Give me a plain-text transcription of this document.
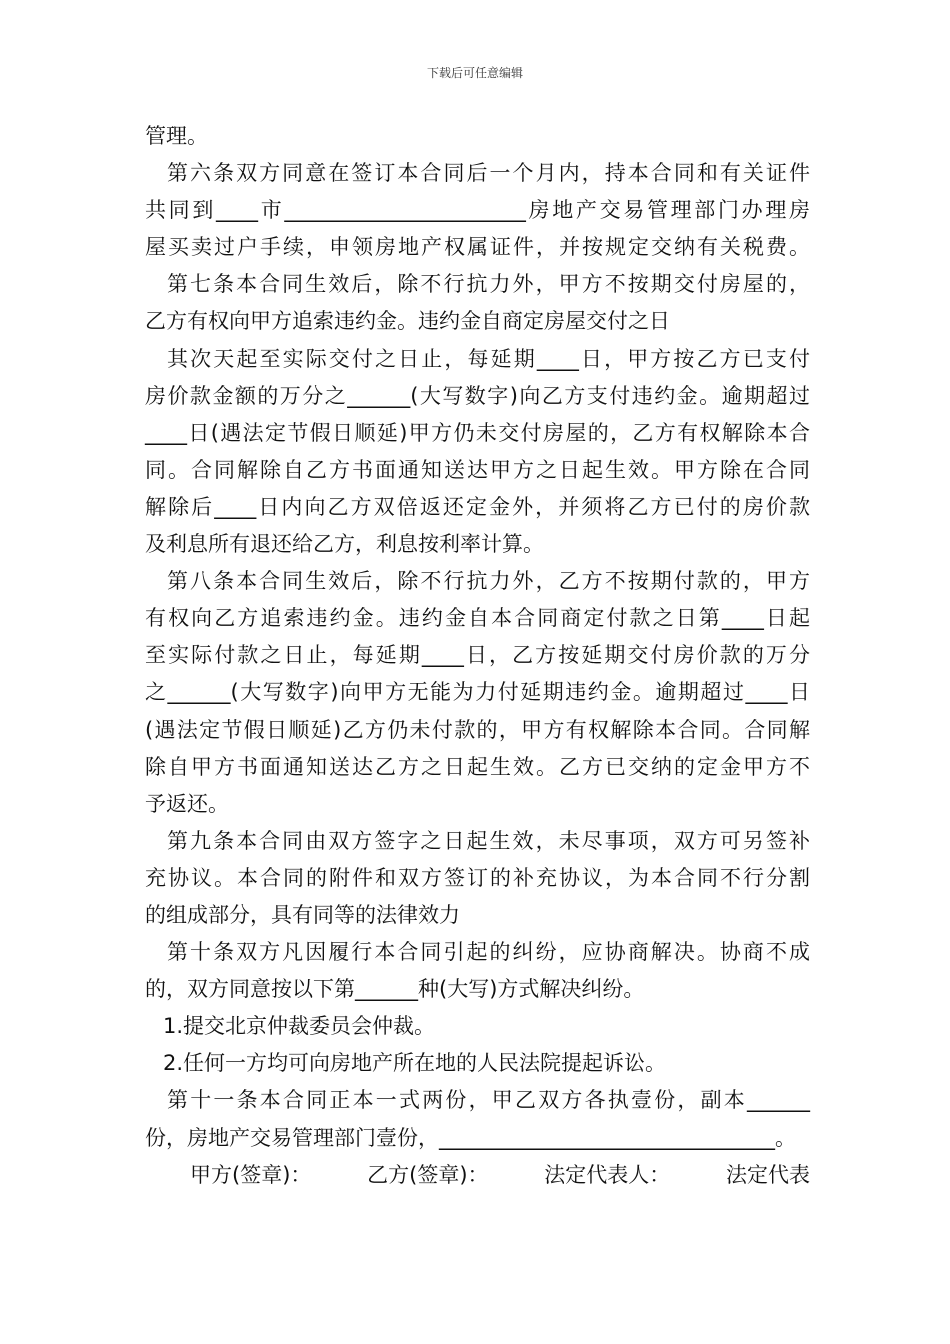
下载后可任意编辑
管理。
第六条双方同意在签订本合同后一个月内，持本合同和有关证件
共同到____市_______________________房地产交易管理部门办理房
屋买卖过户手续，申领房地产权属证件，并按规定交纳有关税费。
第七条本合同生效后，除不行抗力外，甲方不按期交付房屋的，
乙方有权向甲方追索违约金。违约金自商定房屋交付之日
其次天起至实际交付之日止，每延期____日，甲方按乙方已支付
房价款金额的万分之______(大写数字)向乙方支付违约金。逾期超过
____日(遇法定节假日顺延)甲方仍未交付房屋的，乙方有权解除本合
同。合同解除自乙方书面通知送达甲方之日起生效。甲方除在合同
解除后____日内向乙方双倍返还定金外，并须将乙方已付的房价款
及利息所有退还给乙方，利息按利率计算。
第八条本合同生效后，除不行抗力外，乙方不按期付款的，甲方
有权向乙方追索违约金。违约金自本合同商定付款之日第____日起
至实际付款之日止，每延期____日，乙方按延期交付房价款的万分
之______(大写数字)向甲方无能为力付延期违约金。逾期超过____日
(遇法定节假日顺延)乙方仍未付款的，甲方有权解除本合同。合同解
除自甲方书面通知送达乙方之日起生效。乙方已交纳的定金甲方不
予返还。
第九条本合同由双方签字之日起生效，未尽事项，双方可另签补
充协议。本合同的附件和双方签订的补充协议，为本合同不行分割
的组成部分，具有同等的法律效力
第十条双方凡因履行本合同引起的纠纷，应协商解决。协商不成
的，双方同意按以下第______种(大写)方式解决纠纷。
1.提交北京仲裁委员会仲裁。
2.任何一方均可向房地产所在地的人民法院提起诉讼。
第十一条本合同正本一式两份，甲乙双方各执壹份，副本______
份，房地产交易管理部门壹份，________________________________。
甲方(签章)：	乙方(签章)：	法定代表人：	法定代表
